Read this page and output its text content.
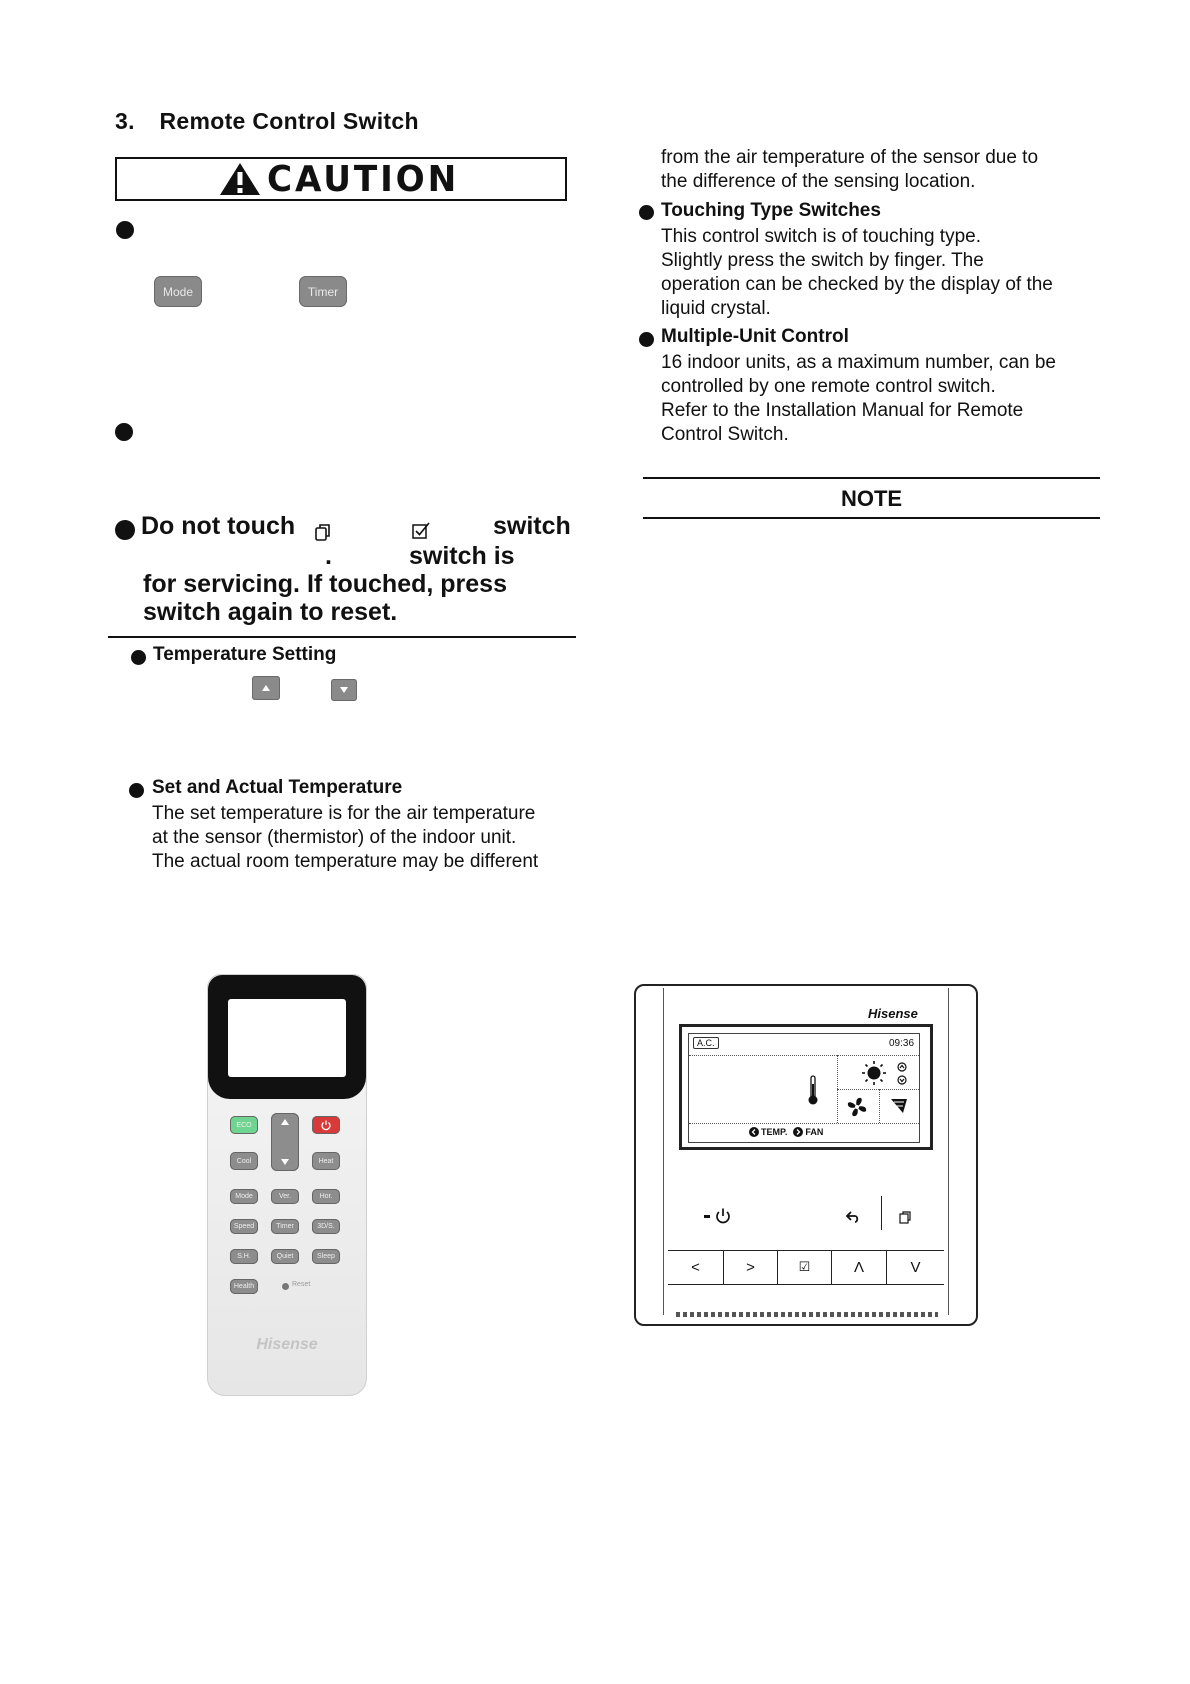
3. Remote Control Switch
CAUTION
Mode	Timer
Do not touch	switch
.	switch is
for servicing. If touched, press
switch again to reset.
Temperature Setting
Set and Actual Temperature
The set temperature is for the air temperature
at the sensor (thermistor) of the indoor unit.
The actual room temperature may be different
from the air temperature of the sensor due to
the difference of the sensing location.
Touching Type Switches
This control switch is of touching type.
Slightly press the switch by finger. The
operation can be checked by the display of the
liquid crystal.
Multiple-Unit Control
16 indoor units, as a maximum number, can be
controlled by one remote control switch.
Refer to the Installation Manual for Remote
Control Switch.
NOTE
ECO
Cool	Heat
Mode	Ver.	Hor.
Speed	Timer	3D/S.
S.H.	Quiet	Sleep
Health	Reset
Hisense
Hisense
A.C.	09:36
TEMP. FAN
<	>	☑	Λ	V
